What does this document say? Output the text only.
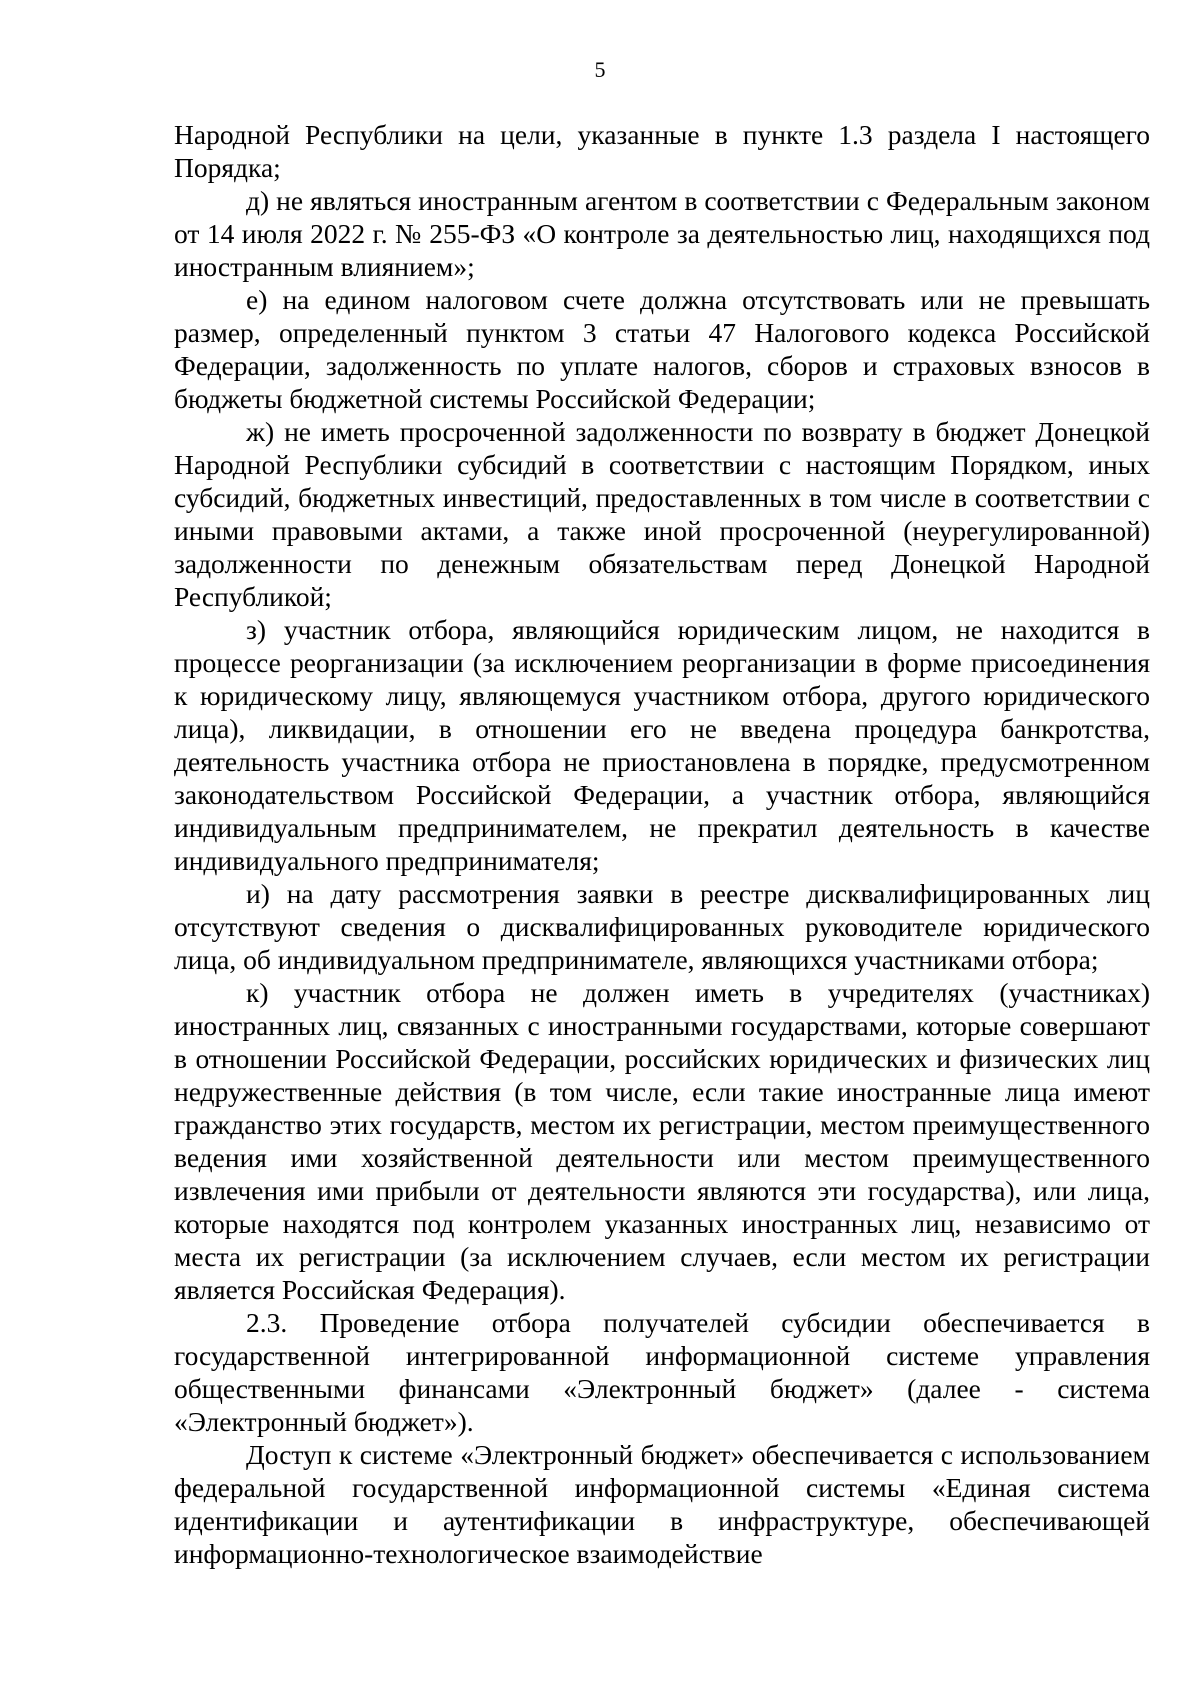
5

Народной Республики на цели, указанные в пункте 1.3 раздела I настоящего Порядка;

д) не являться иностранным агентом в соответствии с Федеральным законом от 14 июля 2022 г. № 255-ФЗ «О контроле за деятельностью лиц, находящихся под иностранным влиянием»;

е) на едином налоговом счете должна отсутствовать или не превышать размер, определенный пунктом 3 статьи 47 Налогового кодекса Российской Федерации, задолженность по уплате налогов, сборов и страховых взносов в бюджеты бюджетной системы Российской Федерации;

ж) не иметь просроченной задолженности по возврату в бюджет Донецкой Народной Республики субсидий в соответствии с настоящим Порядком, иных субсидий, бюджетных инвестиций, предоставленных в том числе в соответствии с иными правовыми актами, а также иной просроченной (неурегулированной) задолженности по денежным обязательствам перед Донецкой Народной Республикой;

з) участник отбора, являющийся юридическим лицом, не находится в процессе реорганизации (за исключением реорганизации в форме присоединения к юридическому лицу, являющемуся участником отбора, другого юридического лица), ликвидации, в отношении его не введена процедура банкротства, деятельность участника отбора не приостановлена в порядке, предусмотренном законодательством Российской Федерации, а участник отбора, являющийся индивидуальным предпринимателем, не прекратил деятельность в качестве индивидуального предпринимателя;

и) на дату рассмотрения заявки в реестре дисквалифицированных лиц отсутствуют сведения о дисквалифицированных руководителе юридического лица, об индивидуальном предпринимателе, являющихся участниками отбора;

к) участник отбора не должен иметь в учредителях (участниках) иностранных лиц, связанных с иностранными государствами, которые совершают в отношении Российской Федерации, российских юридических и физических лиц недружественные действия (в том числе, если такие иностранные лица имеют гражданство этих государств, местом их регистрации, местом преимущественного ведения ими хозяйственной деятельности или местом преимущественного извлечения ими прибыли от деятельности являются эти государства), или лица, которые находятся под контролем указанных иностранных лиц, независимо от места их регистрации (за исключением случаев, если местом их регистрации является Российская Федерация).

2.3. Проведение отбора получателей субсидии обеспечивается в государственной интегрированной информационной системе управления общественными финансами «Электронный бюджет» (далее - система «Электронный бюджет»).

Доступ к системе «Электронный бюджет» обеспечивается с использованием федеральной государственной информационной системы «Единая система идентификации и аутентификации в инфраструктуре, обеспечивающей информационно-технологическое взаимодействие
